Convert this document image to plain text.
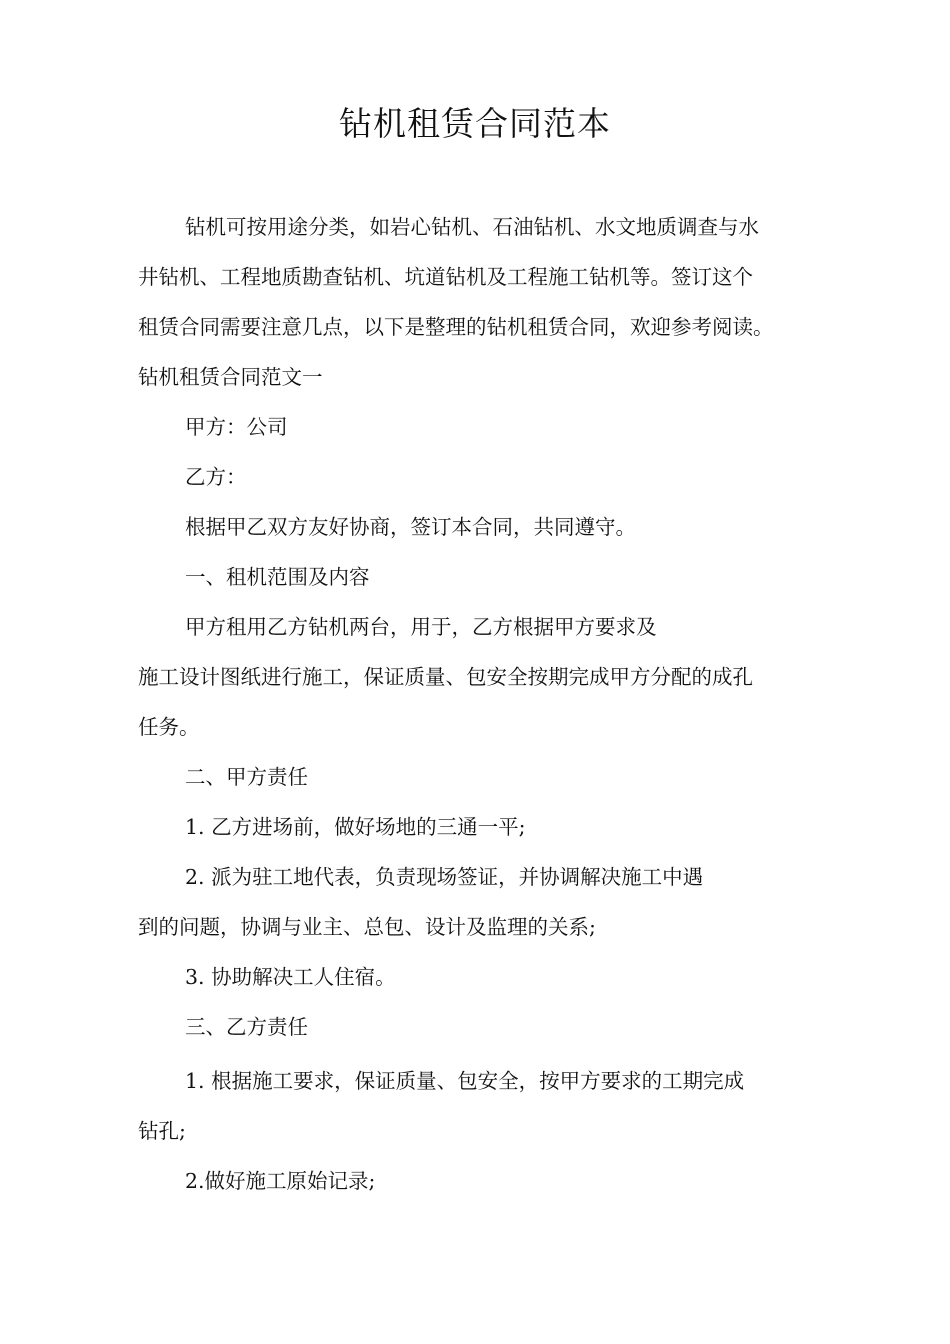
钻机租赁合同范本
钻机可按用途分类，如岩心钻机、石油钻机、水文地质调查与水
井钻机、工程地质勘查钻机、坑道钻机及工程施工钻机等。签订这个
租赁合同需要注意几点，以下是整理的钻机租赁合同，欢迎参考阅读。
钻机租赁合同范文一
甲方：公司
乙方：
根据甲乙双方友好协商，签订本合同，共同遵守。
一、租机范围及内容
甲方租用乙方钻机两台，用于，乙方根据甲方要求及
施工设计图纸进行施工，保证质量、包安全按期完成甲方分配的成孔
任务。
二、甲方责任
1. 乙方进场前，做好场地的三通一平;
2. 派为驻工地代表，负责现场签证，并协调解决施工中遇
到的问题，协调与业主、总包、设计及监理的关系;
3. 协助解决工人住宿。
三、乙方责任
1. 根据施工要求，保证质量、包安全，按甲方要求的工期完成
钻孔;
2.做好施工原始记录;
